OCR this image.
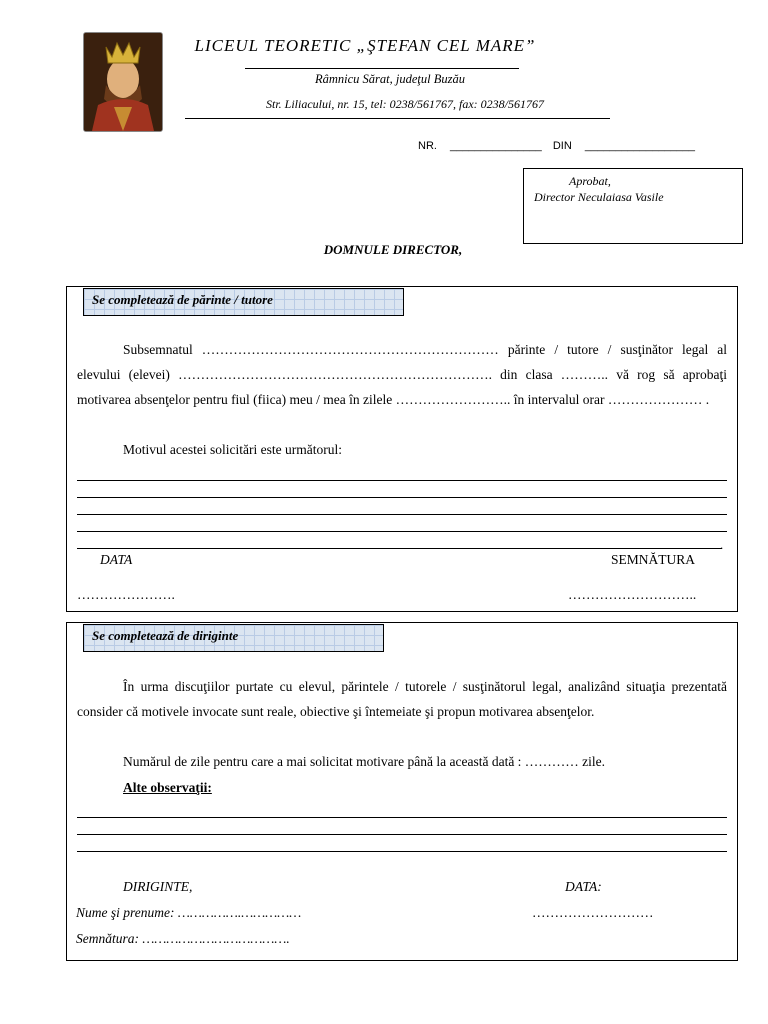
LICEUL TEORETIC „ŞTEFAN CEL MARE”
Râmnicu Sărat, judeţul Buzău
Str. Liliacului, nr. 15, tel: 0238/561767, fax: 0238/561767
NR. _______________ DIN __________________
Aprobat,
Director Neculaiasa Vasile
DOMNULE DIRECTOR,
Se completează de părinte / tutore
Subsemnatul ………………………………………………………… părinte / tutore / susţinător legal al elevului (elevei) ……………………………………………………………. din clasa ……….. vă rog să aprobaţi motivarea absenţelor pentru fiul (fiica) meu / mea în zilele …………………….. în intervalul orar ………………… .
Motivul acestei solicitări este următorul:
.
DATA	SEMNĂTURA
………………….	………………………..
Se completează de diriginte
În urma discuţiilor purtate cu elevul, părintele / tutorele / susţinătorul legal, analizând situaţia prezentată consider că motivele invocate sunt reale, obiective şi întemeiate şi propun motivarea absenţelor.
Numărul de zile pentru care a mai solicitat motivare până la această dată : ………… zile.
Alte observaţii:
DIRIGINTE,	DATA:
Nume şi prenume: …………….……………	………………………
Semnătura: ……………………………….
